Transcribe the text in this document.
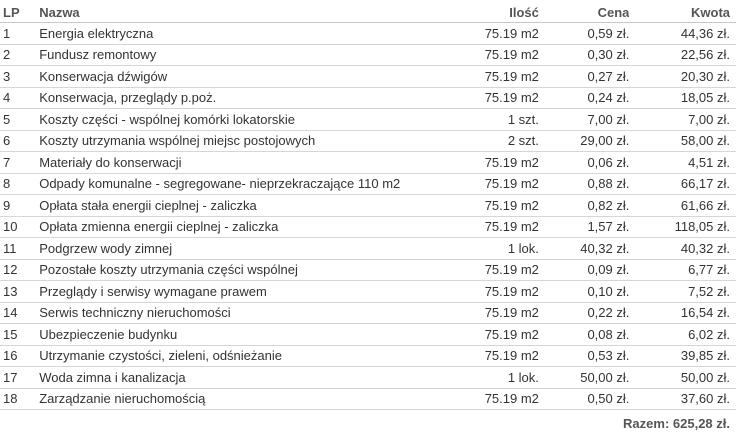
LP	Nazwa	Ilość	Cena	Kwota
1	Energia elektryczna	75.19 m2	0,59 zł.	44,36 zł.
2	Fundusz remontowy	75.19 m2	0,30 zł.	22,56 zł.
3	Konserwacja dźwigów	75.19 m2	0,27 zł.	20,30 zł.
4	Konserwacja, przeglądy p.poż.	75.19 m2	0,24 zł.	18,05 zł.
5	Koszty części - wspólnej komórki lokatorskie	1 szt.	7,00 zł.	7,00 zł.
6	Koszty utrzymania wspólnej miejsc postojowych	2 szt.	29,00 zł.	58,00 zł.
7	Materiały do konserwacji	75.19 m2	0,06 zł.	4,51 zł.
8	Odpady komunalne - segregowane- nieprzekraczające 110 m2	75.19 m2	0,88 zł.	66,17 zł.
9	Opłata stała energii cieplnej - zaliczka	75.19 m2	0,82 zł.	61,66 zł.
10	Opłata zmienna energii cieplnej - zaliczka	75.19 m2	1,57 zł.	118,05 zł.
11	Podgrzew wody zimnej	1 lok.	40,32 zł.	40,32 zł.
12	Pozostałe koszty utrzymania części wspólnej	75.19 m2	0,09 zł.	6,77 zł.
13	Przeglądy i serwisy wymagane prawem	75.19 m2	0,10 zł.	7,52 zł.
14	Serwis techniczny nieruchomości	75.19 m2	0,22 zł.	16,54 zł.
15	Ubezpieczenie budynku	75.19 m2	0,08 zł.	6,02 zł.
16	Utrzymanie czystości, zieleni, odśnieżanie	75.19 m2	0,53 zł.	39,85 zł.
17	Woda zimna i kanalizacja	1 lok.	50,00 zł.	50,00 zł.
18	Zarządzanie nieruchomością	75.19 m2	0,50 zł.	37,60 zł.
Razem: 625,28 zł.
